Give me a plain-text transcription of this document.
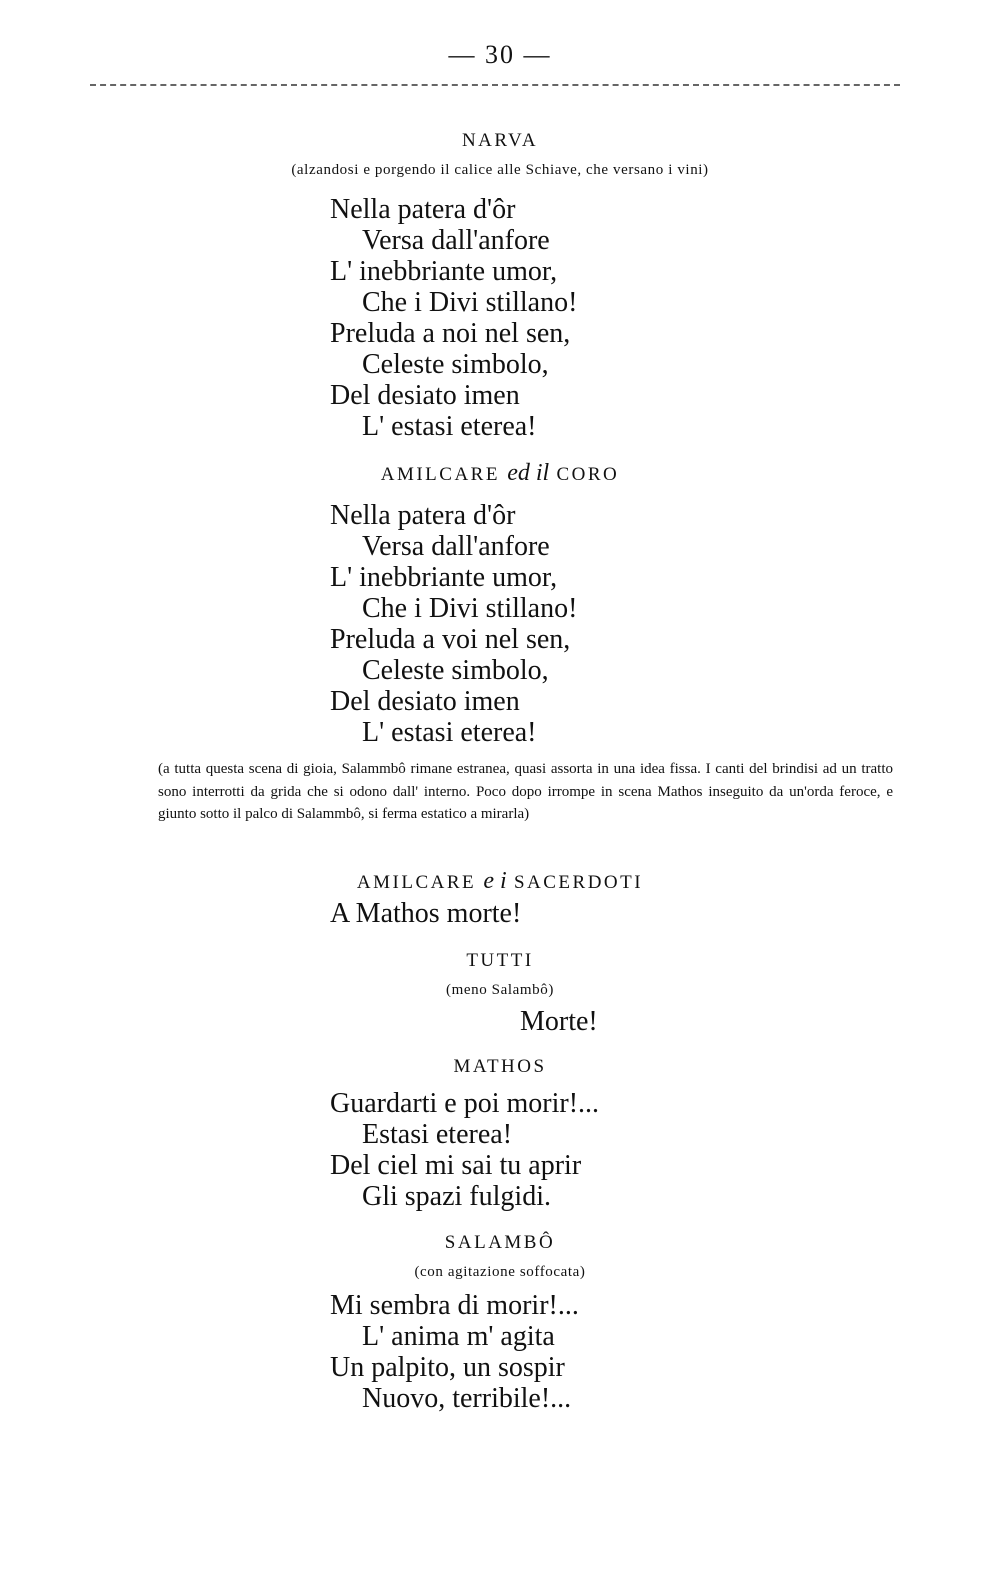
— 30 —
NARVA
(alzandosi e porgendo il calice alle Schiave, che versano i vini)
Nella patera d'ôr
Versa dall'anfore
L' inebbriante umor,
Che i Divi stillano!
Preluda a noi nel sen,
Celeste simbolo,
Del desiato imen
L' estasi eterea!
AMILCARE ed il CORO
Nella patera d'ôr
Versa dall'anfore
L' inebbriante umor,
Che i Divi stillano!
Preluda a voi nel sen,
Celeste simbolo,
Del desiato imen
L' estasi eterea!
(a tutta questa scena di gioia, Salammbô rimane estranea, quasi assorta in una idea fissa. I canti del brindisi ad un tratto sono interrotti da grida che si odono dall' interno. Poco dopo irrompe in scena Mathos inseguito da un'orda feroce, e giunto sotto il palco di Salammbô, si ferma estatico a mirarla)
AMILCARE e i SACERDOTI
A Mathos morte!
TUTTI
(meno Salambô)
Morte!
MATHOS
Guardarti e poi morir!...
Estasi eterea!
Del ciel mi sai tu aprir
Gli spazi fulgidi.
SALAMBÔ
(con agitazione soffocata)
Mi sembra di morir!...
L' anima m' agita
Un palpito, un sospir
Nuovo, terribile!...
